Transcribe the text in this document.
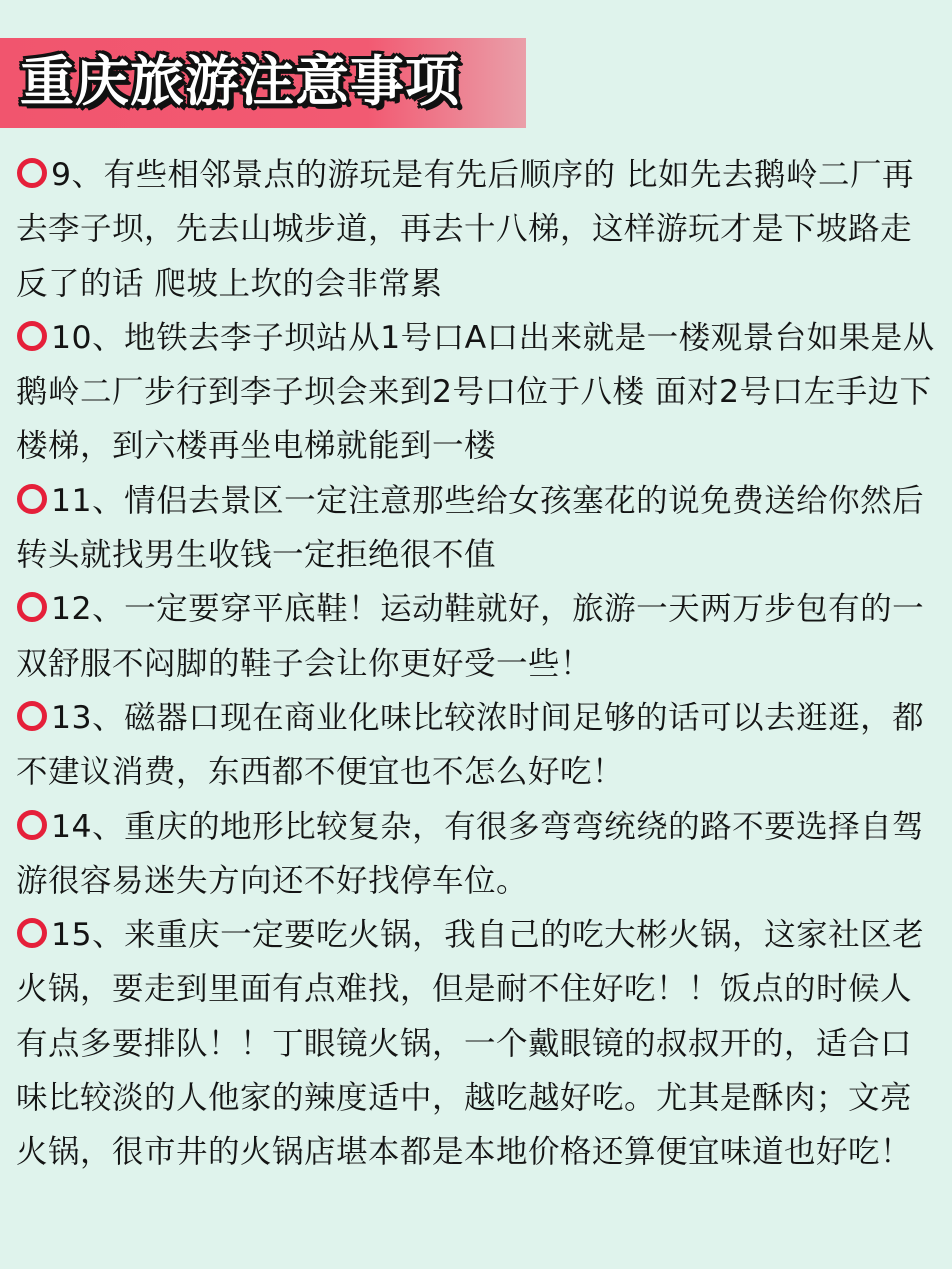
重庆旅游注意事项
9、有些相邻景点的游玩是有先后顺序的 比如先去鹅岭二厂再去李子坝，先去山城步道，再去十八梯，这样游玩才是下坡路走反了的话 爬坡上坎的会非常累
10、地铁去李子坝站从1号口A口出来就是一楼观景台如果是从鹅岭二厂步行到李子坝会来到2号口位于八楼 面对2号口左手边下楼梯，到六楼再坐电梯就能到一楼
11、情侣去景区一定注意那些给女孩塞花的说免费送给你然后转头就找男生收钱一定拒绝很不值
12、一定要穿平底鞋！运动鞋就好，旅游一天两万步包有的一双舒服不闷脚的鞋子会让你更好受一些！
13、磁器口现在商业化味比较浓时间足够的话可以去逛逛，都不建议消费，东西都不便宜也不怎么好吃！
14、重庆的地形比较复杂，有很多弯弯统绕的路不要选择自驾游很容易迷失方向还不好找停车位。
15、来重庆一定要吃火锅，我自己的吃大彬火锅，这家社区老火锅，要走到里面有点难找，但是耐不住好吃！！饭点的时候人有点多要排队！！丁眼镜火锅，一个戴眼镜的叔叔开的，适合口味比较淡的人他家的辣度适中，越吃越好吃。尤其是酥肉；文亮火锅，很市井的火锅店堪本都是本地价格还算便宜味道也好吃！
